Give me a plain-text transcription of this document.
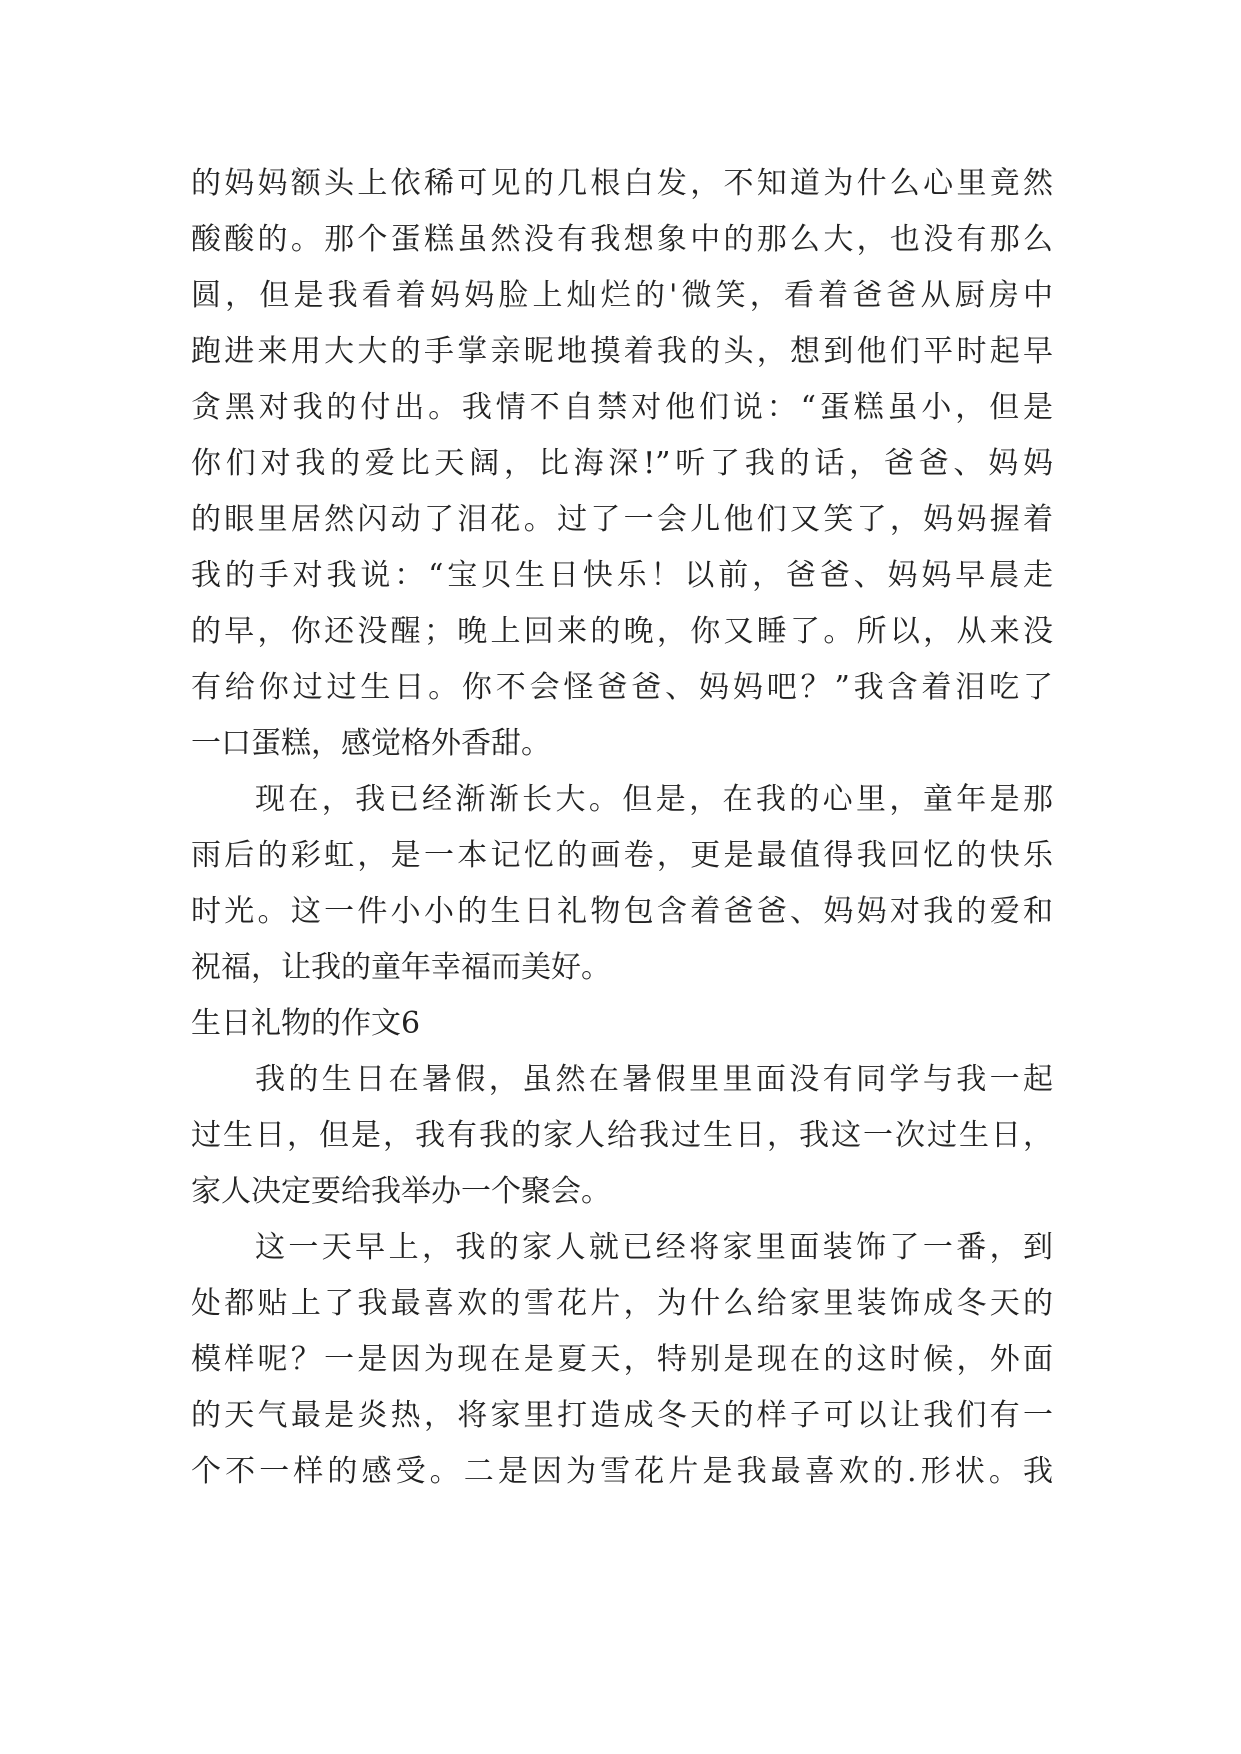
的妈妈额头上依稀可见的几根白发，不知道为什么心里竟然
酸酸的。那个蛋糕虽然没有我想象中的那么大，也没有那么
圆，但是我看着妈妈脸上灿烂的'微笑，看着爸爸从厨房中
跑进来用大大的手掌亲昵地摸着我的头，想到他们平时起早
贪黑对我的付出。我情不自禁对他们说：“蛋糕虽小，但是
你们对我的爱比天阔，比海深!”听了我的话，爸爸、妈妈
的眼里居然闪动了泪花。过了一会儿他们又笑了，妈妈握着
我的手对我说：“宝贝生日快乐！以前，爸爸、妈妈早晨走
的早，你还没醒；晚上回来的晚，你又睡了。所以，从来没
有给你过过生日。你不会怪爸爸、妈妈吧？”我含着泪吃了
一口蛋糕，感觉格外香甜。
现在，我已经渐渐长大。但是，在我的心里，童年是那
雨后的彩虹，是一本记忆的画卷，更是最值得我回忆的快乐
时光。这一件小小的生日礼物包含着爸爸、妈妈对我的爱和
祝福，让我的童年幸福而美好。
生日礼物的作文6
我的生日在暑假，虽然在暑假里里面没有同学与我一起
过生日，但是，我有我的家人给我过生日，我这一次过生日，
家人决定要给我举办一个聚会。
这一天早上，我的家人就已经将家里面装饰了一番，到
处都贴上了我最喜欢的雪花片，为什么给家里装饰成冬天的
模样呢？一是因为现在是夏天，特别是现在的这时候，外面
的天气最是炎热，将家里打造成冬天的样子可以让我们有一
个不一样的感受。二是因为雪花片是我最喜欢的.形状。我
